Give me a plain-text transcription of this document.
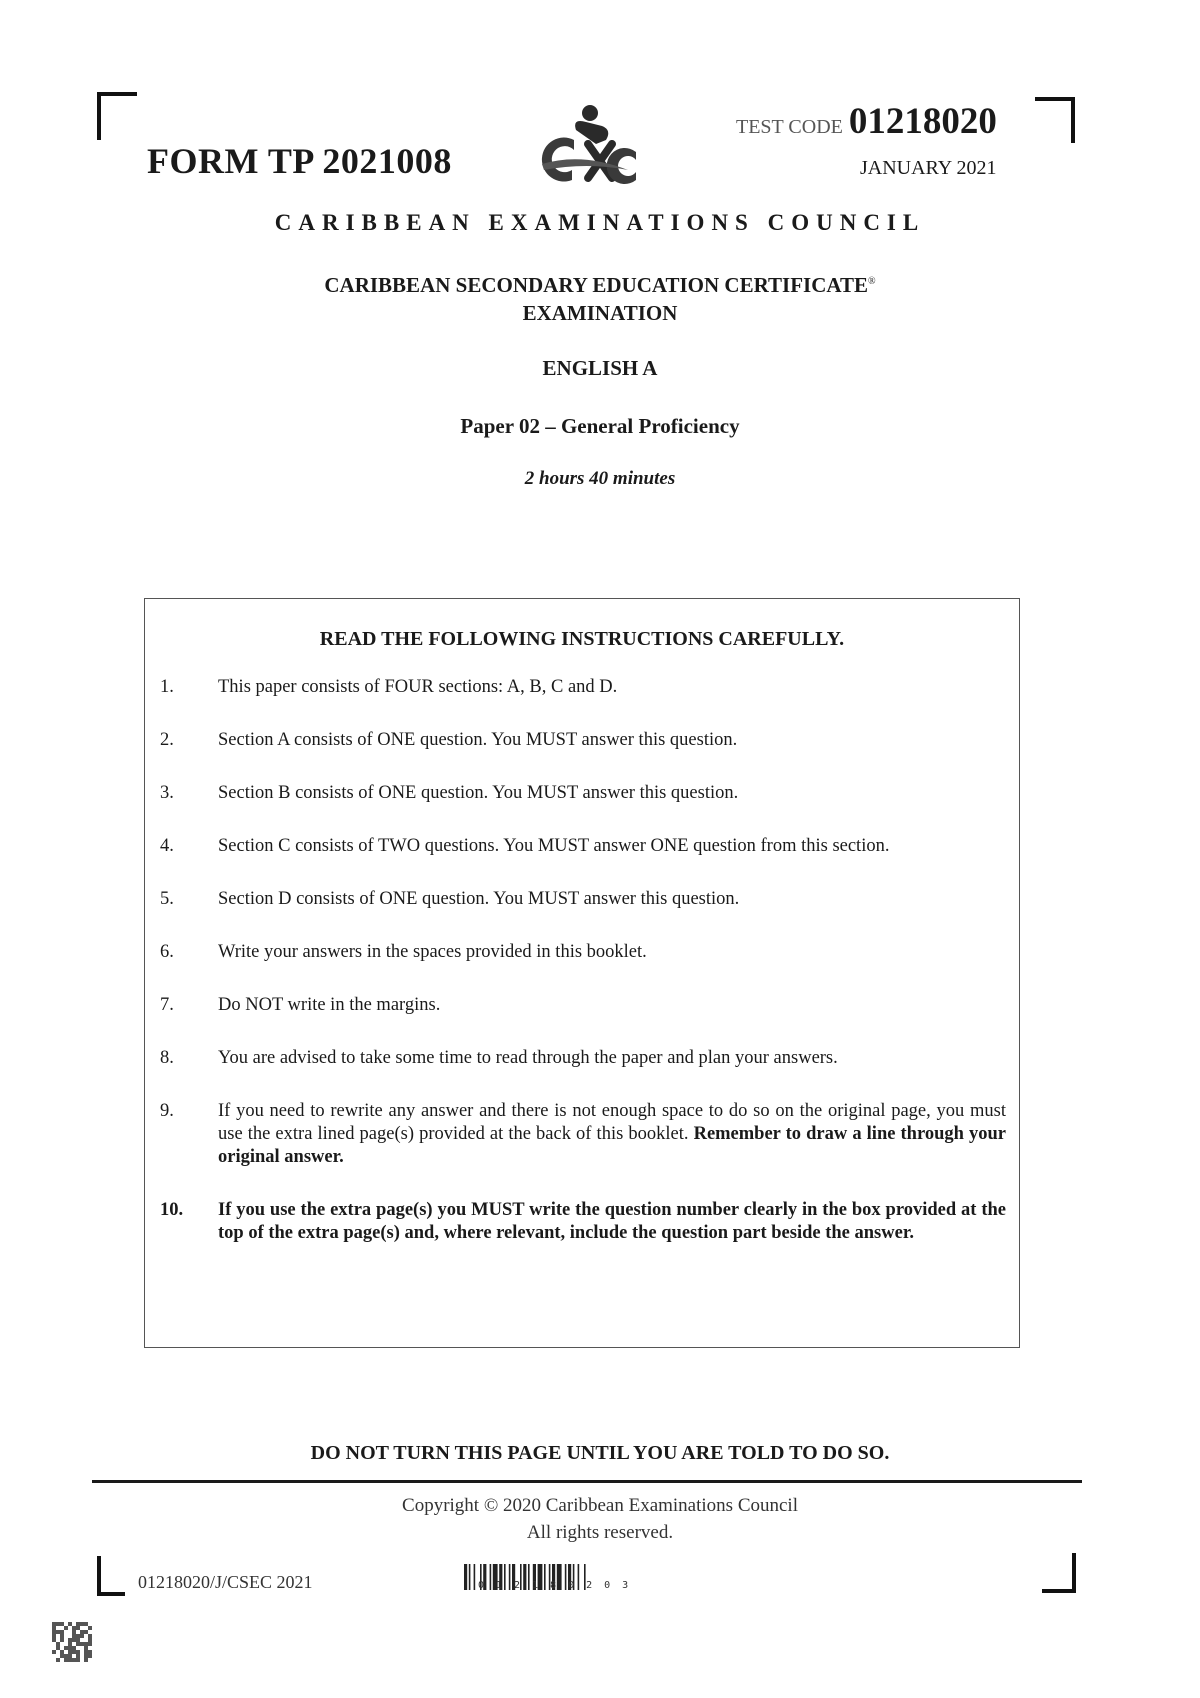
FORM TP 2021008
TEST CODE 01218020
JANUARY 2021
CARIBBEAN EXAMINATIONS COUNCIL
CARIBBEAN SECONDARY EDUCATION CERTIFICATE®
EXAMINATION
ENGLISH A
Paper 02 – General Proficiency
2 hours 40 minutes
READ THE FOLLOWING INSTRUCTIONS CAREFULLY.
1.	This paper consists of FOUR sections: A, B, C and D.
2.	Section A consists of ONE question. You MUST answer this question.
3.	Section B consists of ONE question. You MUST answer this question.
4.	Section C consists of TWO questions. You MUST answer ONE question from this section.
5.	Section D consists of ONE question. You MUST answer this question.
6.	Write your answers in the spaces provided in this booklet.
7.	Do NOT write in the margins.
8.	You are advised to take some time to read through the paper and plan your answers.
9.	If you need to rewrite any answer and there is not enough space to do so on the original page, you must use the extra lined page(s) provided at the back of this booklet. Remember to draw a line through your original answer.
10.	If you use the extra page(s) you MUST write the question number clearly in the box provided at the top of the extra page(s) and, where relevant, include the question part beside the answer.
DO NOT TURN THIS PAGE UNTIL YOU ARE TOLD TO DO SO.
Copyright © 2020 Caribbean Examinations Council
All rights reserved.
01218020/J/CSEC 2021	012180203
